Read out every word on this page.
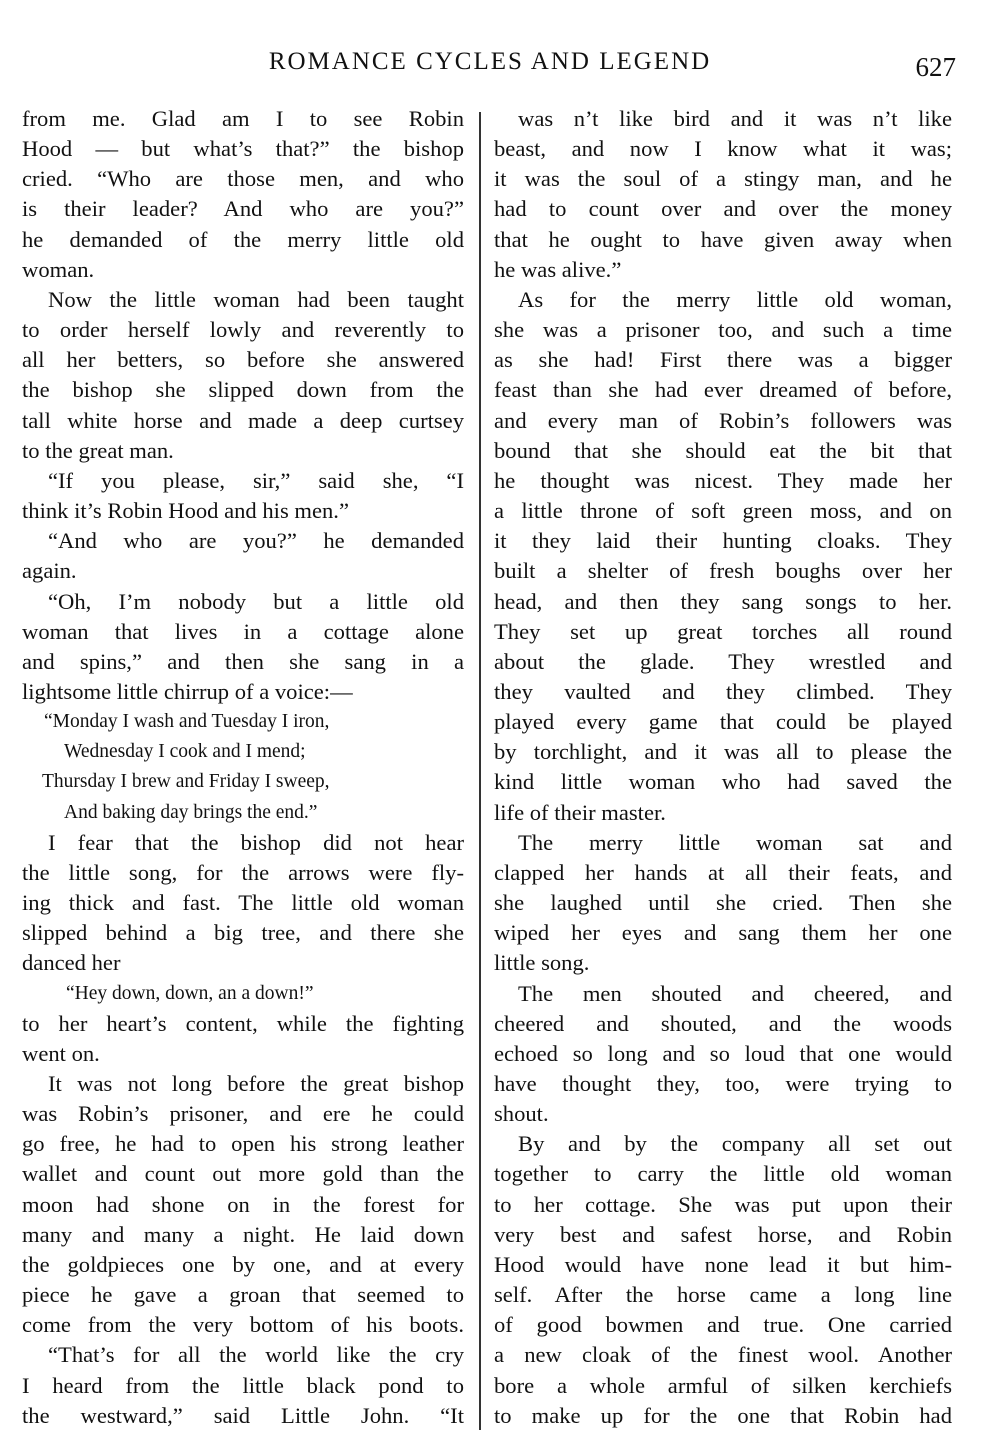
ROMANCE CYCLES AND LEGEND	627
from me. Glad am I to see Robin
Hood — but what’s that?” the bishop
cried. “Who are those men, and who
is their leader? And who are you?”
he demanded of the merry little old
woman.
Now the little woman had been taught
to order herself lowly and reverently to
all her betters, so before she answered
the bishop she slipped down from the
tall white horse and made a deep curtsey
to the great man.
“If you please, sir,” said she, “I
think it’s Robin Hood and his men.”
“And who are you?” he demanded
again.
“Oh, I’m nobody but a little old
woman that lives in a cottage alone
and spins,” and then she sang in a
lightsome little chirrup of a voice:—
“Monday I wash and Tuesday I iron,
Wednesday I cook and I mend;
Thursday I brew and Friday I sweep,
And baking day brings the end.”
I fear that the bishop did not hear
the little song, for the arrows were fly-
ing thick and fast. The little old woman
slipped behind a big tree, and there she
danced her
“Hey down, down, an a down!”
to her heart’s content, while the fighting
went on.
It was not long before the great bishop
was Robin’s prisoner, and ere he could
go free, he had to open his strong leather
wallet and count out more gold than the
moon had shone on in the forest for
many and many a night. He laid down
the goldpieces one by one, and at every
piece he gave a groan that seemed to
come from the very bottom of his boots.
“That’s for all the world like the cry
I heard from the little black pond to
the westward,” said Little John. “It
was n’t like bird and it was n’t like
beast, and now I know what it was;
it was the soul of a stingy man, and he
had to count over and over the money
that he ought to have given away when
he was alive.”
As for the merry little old woman,
she was a prisoner too, and such a time
as she had! First there was a bigger
feast than she had ever dreamed of before,
and every man of Robin’s followers was
bound that she should eat the bit that
he thought was nicest. They made her
a little throne of soft green moss, and on
it they laid their hunting cloaks. They
built a shelter of fresh boughs over her
head, and then they sang songs to her.
They set up great torches all round
about the glade. They wrestled and
they vaulted and they climbed. They
played every game that could be played
by torchlight, and it was all to please the
kind little woman who had saved the
life of their master.
The merry little woman sat and
clapped her hands at all their feats, and
she laughed until she cried. Then she
wiped her eyes and sang them her one
little song.
The men shouted and cheered, and
cheered and shouted, and the woods
echoed so long and so loud that one would
have thought they, too, were trying to
shout.
By and by the company all set out
together to carry the little old woman
to her cottage. She was put upon their
very best and safest horse, and Robin
Hood would have none lead it but him-
self. After the horse came a long line
of good bowmen and true. One carried
a new cloak of the finest wool. Another
bore a whole armful of silken kerchiefs
to make up for the one that Robin had
